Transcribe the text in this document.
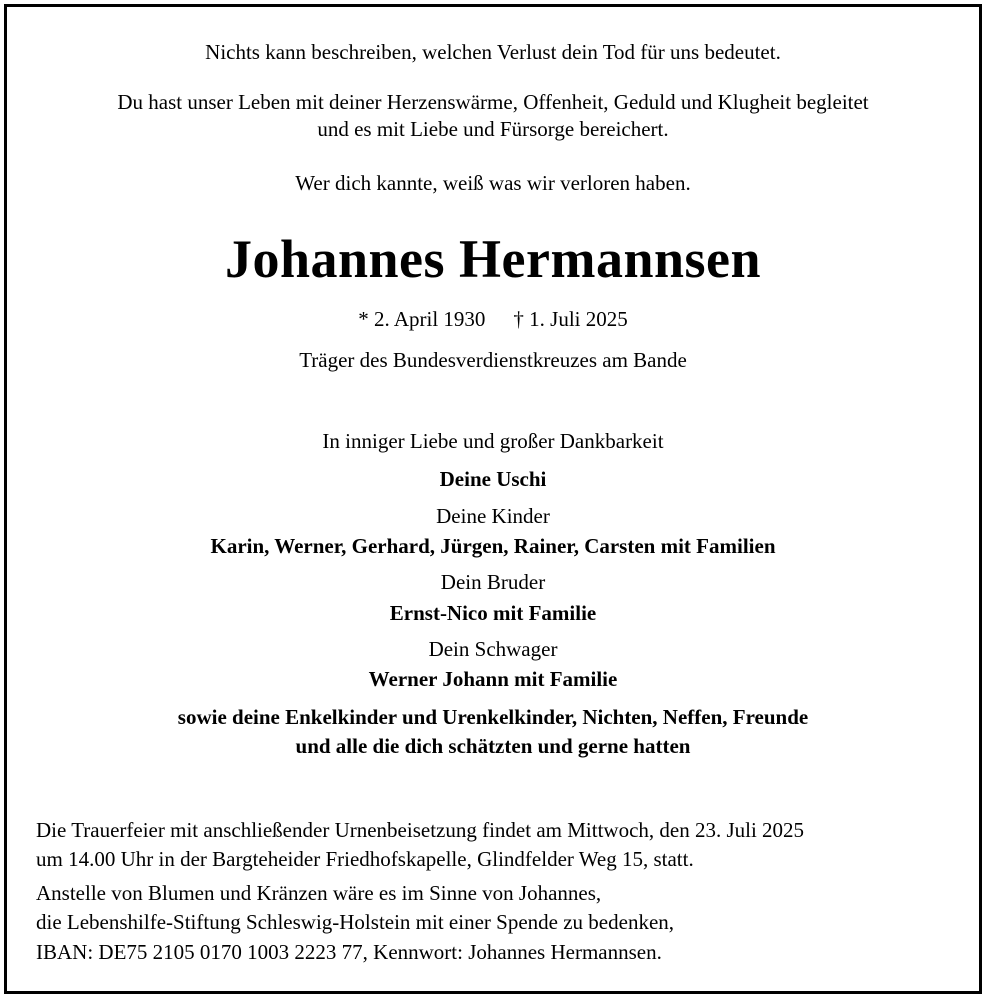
Nichts kann beschreiben, welchen Verlust dein Tod für uns bedeutet.
Du hast unser Leben mit deiner Herzenswärme, Offenheit, Geduld und Klugheit begleitet
und es mit Liebe und Fürsorge bereichert.
Wer dich kannte, weiß was wir verloren haben.
Johannes Hermannsen
* 2. April 1930 † 1. Juli 2025
Träger des Bundesverdienstkreuzes am Bande
In inniger Liebe und großer Dankbarkeit
Deine Uschi
Deine Kinder
Karin, Werner, Gerhard, Jürgen, Rainer, Carsten mit Familien
Dein Bruder
Ernst-Nico mit Familie
Dein Schwager
Werner Johann mit Familie
sowie deine Enkelkinder und Urenkelkinder, Nichten, Neffen, Freunde
und alle die dich schätzten und gerne hatten
Die Trauerfeier mit anschließender Urnenbeisetzung findet am Mittwoch, den 23. Juli 2025
um 14.00 Uhr in der Bargteheider Friedhofskapelle, Glindfelder Weg 15, statt.
Anstelle von Blumen und Kränzen wäre es im Sinne von Johannes,
die Lebenshilfe-Stiftung Schleswig-Holstein mit einer Spende zu bedenken,
IBAN: DE75 2105 0170 1003 2223 77, Kennwort: Johannes Hermannsen.
